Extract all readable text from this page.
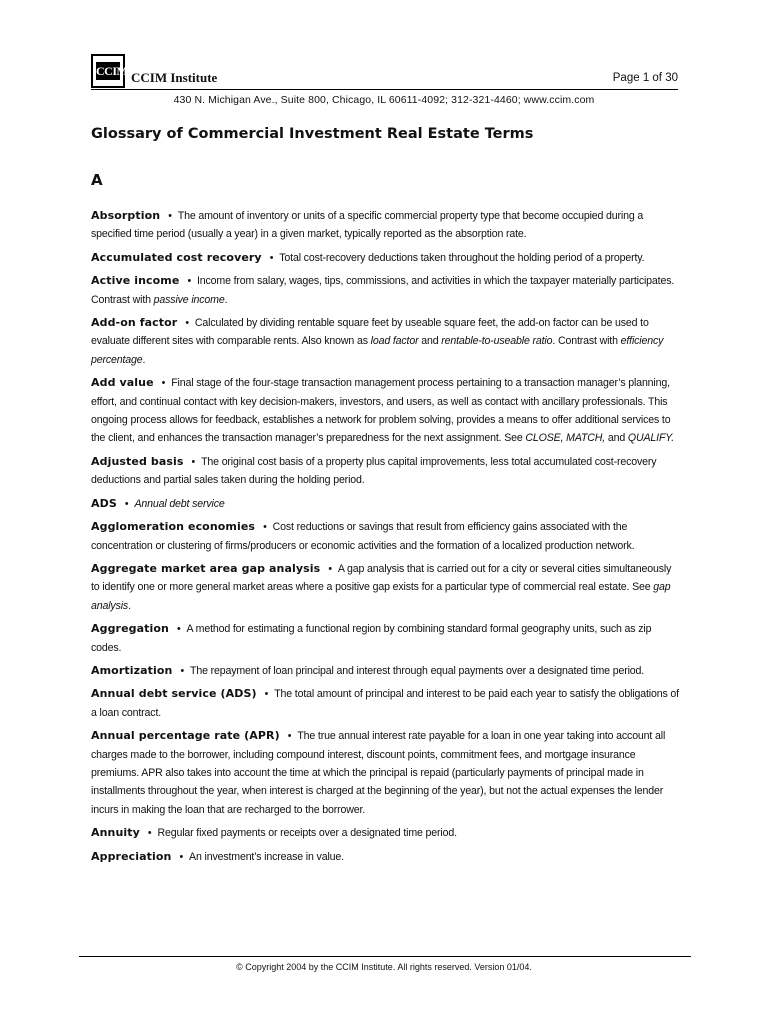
CCIM CCIM Institute	Page 1 of 30
430 N. Michigan Ave., Suite 800, Chicago, IL 60611-4092; 312-321-4460; www.ccim.com
Glossary of Commercial Investment Real Estate Terms
A
Absorption • The amount of inventory or units of a specific commercial property type that become occupied during a specified time period (usually a year) in a given market, typically reported as the absorption rate.
Accumulated cost recovery • Total cost-recovery deductions taken throughout the holding period of a property.
Active income • Income from salary, wages, tips, commissions, and activities in which the taxpayer materially participates. Contrast with passive income.
Add-on factor • Calculated by dividing rentable square feet by useable square feet, the add-on factor can be used to evaluate different sites with comparable rents. Also known as load factor and rentable-to-useable ratio. Contrast with efficiency percentage.
Add value • Final stage of the four-stage transaction management process pertaining to a transaction manager’s planning, effort, and continual contact with key decision-makers, investors, and users, as well as contact with ancillary professionals. This ongoing process allows for feedback, establishes a network for problem solving, provides a means to offer additional services to the client, and enhances the transaction manager’s preparedness for the next assignment. See CLOSE, MATCH, and QUALIFY.
Adjusted basis • The original cost basis of a property plus capital improvements, less total accumulated cost-recovery deductions and partial sales taken during the holding period.
ADS • Annual debt service
Agglomeration economies • Cost reductions or savings that result from efficiency gains associated with the concentration or clustering of firms/producers or economic activities and the formation of a localized production network.
Aggregate market area gap analysis • A gap analysis that is carried out for a city or several cities simultaneously to identify one or more general market areas where a positive gap exists for a particular type of commercial real estate. See gap analysis.
Aggregation • A method for estimating a functional region by combining standard formal geography units, such as zip codes.
Amortization • The repayment of loan principal and interest through equal payments over a designated time period.
Annual debt service (ADS) • The total amount of principal and interest to be paid each year to satisfy the obligations of a loan contract.
Annual percentage rate (APR) • The true annual interest rate payable for a loan in one year taking into account all charges made to the borrower, including compound interest, discount points, commitment fees, and mortgage insurance premiums. APR also takes into account the time at which the principal is repaid (particularly payments of principal made in installments throughout the year, when interest is charged at the beginning of the year), but not the actual expenses the lender incurs in making the loan that are recharged to the borrower.
Annuity • Regular fixed payments or receipts over a designated time period.
Appreciation • An investment’s increase in value.
© Copyright 2004 by the CCIM Institute. All rights reserved. Version 01/04.
